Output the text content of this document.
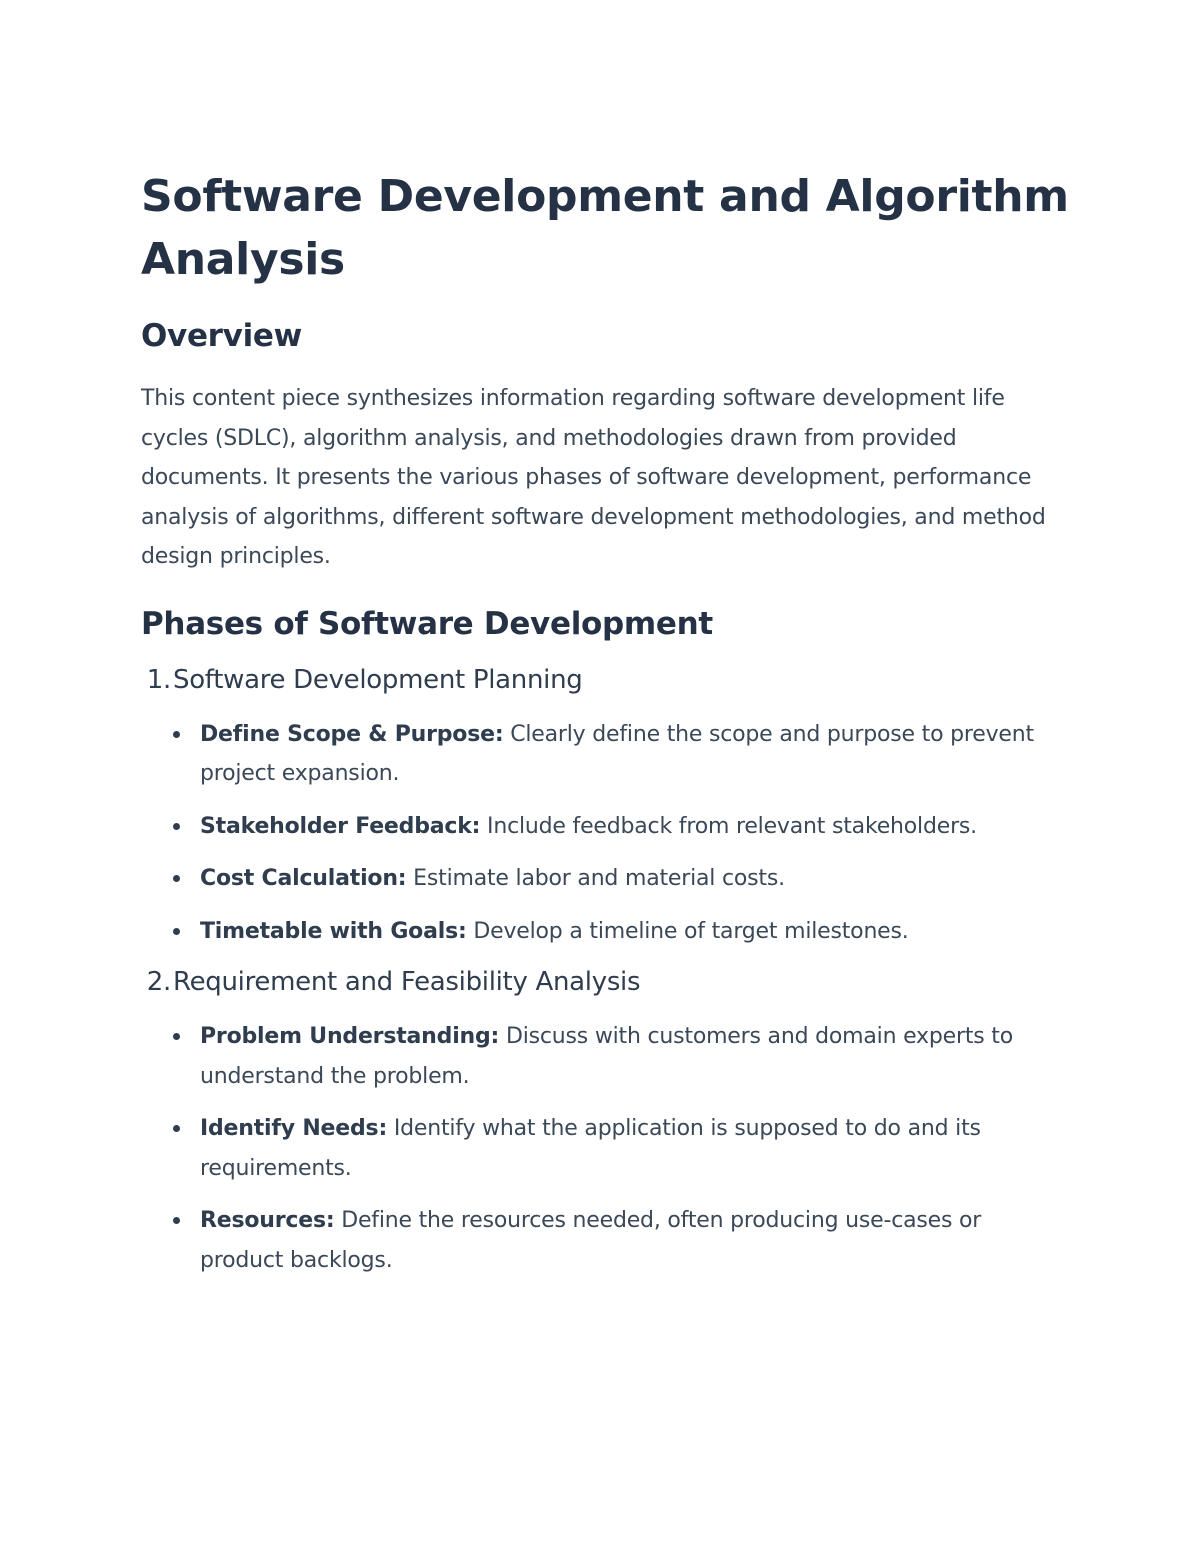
Software Development and Algorithm Analysis
Overview

This content piece synthesizes information regarding software development life cycles (SDLC), algorithm analysis, and methodologies drawn from provided documents. It presents the various phases of software development, performance analysis of algorithms, different software development methodologies, and method design principles.

Phases of Software Development
1. Software Development Planning
Define Scope & Purpose: Clearly define the scope and purpose to prevent project expansion.
Stakeholder Feedback: Include feedback from relevant stakeholders.
Cost Calculation: Estimate labor and material costs.
Timetable with Goals: Develop a timeline of target milestones.
2. Requirement and Feasibility Analysis
Problem Understanding: Discuss with customers and domain experts to understand the problem.
Identify Needs: Identify what the application is supposed to do and its requirements.
Resources: Define the resources needed, often producing use-cases or product backlogs.
